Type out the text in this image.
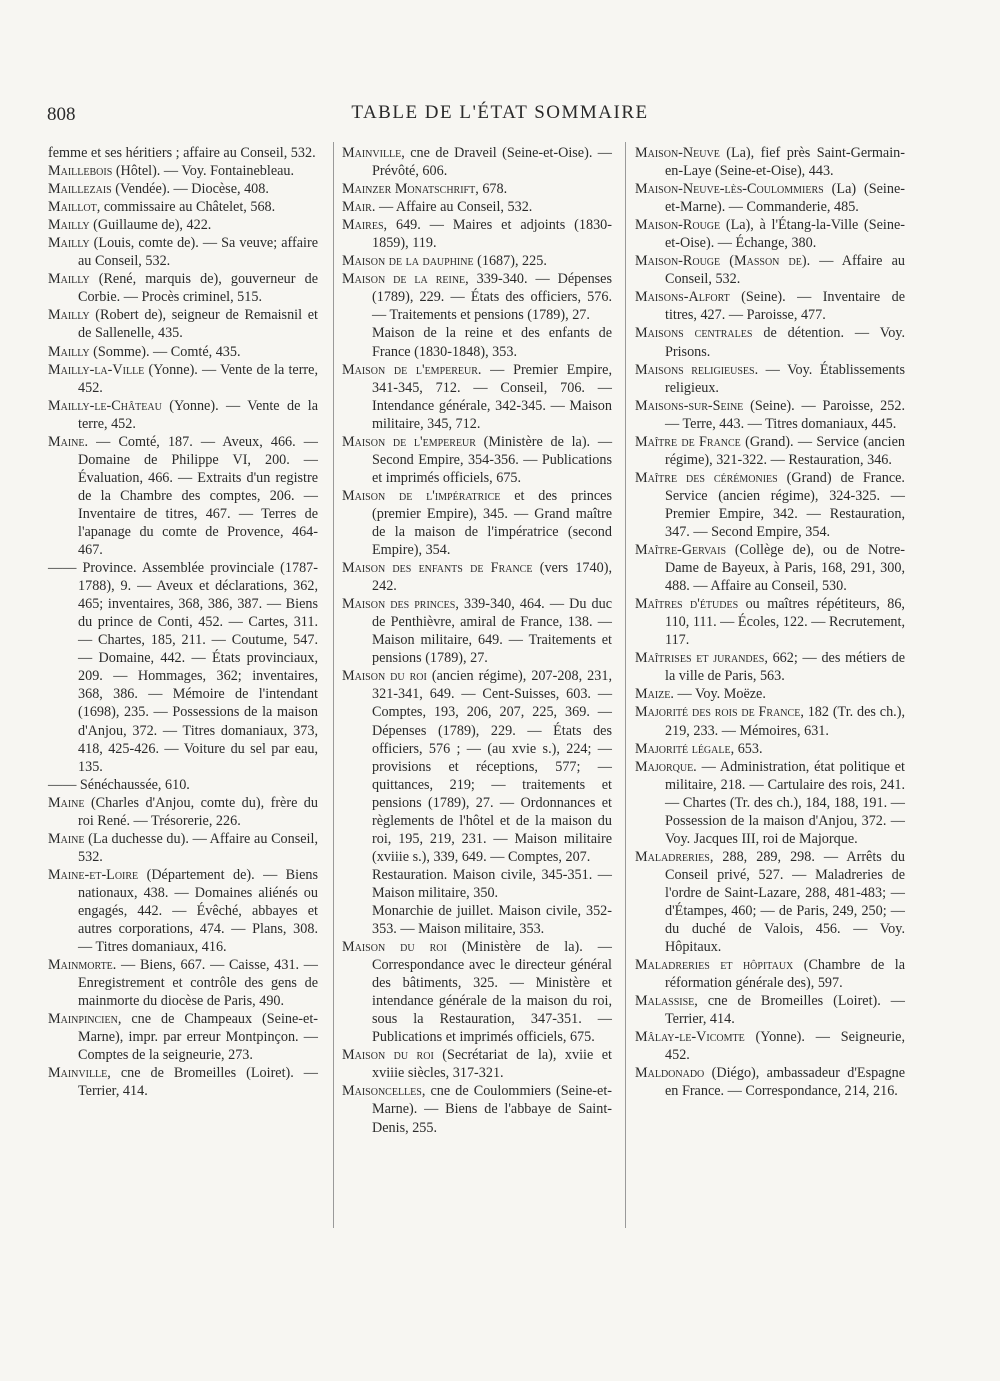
808	TABLE DE L'ÉTAT SOMMAIRE

femme et ses héritiers ; affaire au Conseil, 532.

Maillebois (Hôtel). — Voy. Fontainebleau.

Maillezais (Vendée). — Diocèse, 408.

Maillot, commissaire au Châtelet, 568.

Mailly (Guillaume de), 422.

Mailly (Louis, comte de). — Sa veuve; affaire au Conseil, 532.

Mailly (René, marquis de), gouverneur de Corbie. — Procès criminel, 515.

Mailly (Robert de), seigneur de Remaisnil et de Sallenelle, 435.

Mailly (Somme). — Comté, 435.

Mailly-la-Ville (Yonne). — Vente de la terre, 452.

Mailly-le-Château (Yonne). — Vente de la terre, 452.

Maine. — Comté, 187. — Aveux, 466. — Domaine de Philippe VI, 200. — Évaluation, 466. — Extraits d'un registre de la Chambre des comptes, 206. — Inventaire de titres, 467. — Terres de l'apanage du comte de Provence, 464-467.

—— Province. Assemblée provinciale (1787-1788), 9. — Aveux et déclarations, 362, 465; inventaires, 368, 386, 387. — Biens du prince de Conti, 452. — Cartes, 311. — Chartes, 185, 211. — Coutume, 547. — Domaine, 442. — États provinciaux, 209. — Hommages, 362; inventaires, 368, 386. — Mémoire de l'intendant (1698), 235. — Possessions de la maison d'Anjou, 372. — Titres domaniaux, 373, 418, 425-426. — Voiture du sel par eau, 135.

—— Sénéchaussée, 610.

Maine (Charles d'Anjou, comte du), frère du roi René. — Trésorerie, 226.

Maine (La duchesse du). — Affaire au Conseil, 532.

Maine-et-Loire (Département de). — Biens nationaux, 438. — Domaines aliénés ou engagés, 442. — Évêché, abbayes et autres corporations, 474. — Plans, 308. — Titres domaniaux, 416.

Mainmorte. — Biens, 667. — Caisse, 431. — Enregistrement et contrôle des gens de mainmorte du diocèse de Paris, 490.

Mainpincien, cne de Champeaux (Seine-et-Marne), impr. par erreur Montpinçon. — Comptes de la seigneurie, 273.

Mainville, cne de Bromeilles (Loiret). — Terrier, 414.

Mainville, cne de Draveil (Seine-et-Oise). — Prévôté, 606.

Mainzer Monatschrift, 678.

Mair. — Affaire au Conseil, 532.

Maires, 649. — Maires et adjoints (1830-1859), 119.

Maison de la dauphine (1687), 225.

Maison de la reine, 339-340. — Dépenses (1789), 229. — États des officiers, 576. — Traitements et pensions (1789), 27.

Maison de la reine et des enfants de France (1830-1848), 353.

Maison de l'empereur. — Premier Empire, 341-345, 712. — Conseil, 706. — Intendance générale, 342-345. — Maison militaire, 345, 712.

Maison de l'empereur (Ministère de la). — Second Empire, 354-356. — Publications et imprimés officiels, 675.

Maison de l'impératrice et des princes (premier Empire), 345. — Grand maître de la maison de l'impératrice (second Empire), 354.

Maison des enfants de France (vers 1740), 242.

Maison des princes, 339-340, 464. — Du duc de Penthièvre, amiral de France, 138. — Maison militaire, 649. — Traitements et pensions (1789), 27.

Maison du roi (ancien régime), 207-208, 231, 321-341, 649. — Cent-Suisses, 603. — Comptes, 193, 206, 207, 225, 369. — Dépenses (1789), 229. — États des officiers, 576 ; — (au xvie s.), 224; — provisions et réceptions, 577; — quittances, 219; — traitements et pensions (1789), 27. — Ordonnances et règlements de l'hôtel et de la maison du roi, 195, 219, 231. — Maison militaire (xviiie s.), 339, 649. — Comptes, 207.

Restauration. Maison civile, 345-351. — Maison militaire, 350.

Monarchie de juillet. Maison civile, 352-353. — Maison militaire, 353.

Maison du roi (Ministère de la). — Correspondance avec le directeur général des bâtiments, 325. — Ministère et intendance générale de la maison du roi, sous la Restauration, 347-351. — Publications et imprimés officiels, 675.

Maison du roi (Secrétariat de la), xviie et xviiie siècles, 317-321.

Maisoncelles, cne de Coulommiers (Seine-et-Marne). — Biens de l'abbaye de Saint-Denis, 255.

Maison-Neuve (La), fief près Saint-Germain-en-Laye (Seine-et-Oise), 443.

Maison-Neuve-lès-Coulommiers (La) (Seine-et-Marne). — Commanderie, 485.

Maison-Rouge (La), à l'Étang-la-Ville (Seine-et-Oise). — Échange, 380.

Maison-Rouge (Masson de). — Affaire au Conseil, 532.

Maisons-Alfort (Seine). — Inventaire de titres, 427. — Paroisse, 477.

Maisons centrales de détention. — Voy. Prisons.

Maisons religieuses. — Voy. Établissements religieux.

Maisons-sur-Seine (Seine). — Paroisse, 252. — Terre, 443. — Titres domaniaux, 445.

Maître de France (Grand). — Service (ancien régime), 321-322. — Restauration, 346.

Maître des cérémonies (Grand) de France. Service (ancien régime), 324-325. — Premier Empire, 342. — Restauration, 347. — Second Empire, 354.

Maître-Gervais (Collège de), ou de Notre-Dame de Bayeux, à Paris, 168, 291, 300, 488. — Affaire au Conseil, 530.

Maîtres d'études ou maîtres répétiteurs, 86, 110, 111. — Écoles, 122. — Recrutement, 117.

Maîtrises et jurandes, 662; — des métiers de la ville de Paris, 563.

Maize. — Voy. Moëze.

Majorité des rois de France, 182 (Tr. des ch.), 219, 233. — Mémoires, 631.

Majorité légale, 653.

Majorque. — Administration, état politique et militaire, 218. — Cartulaire des rois, 241. — Chartes (Tr. des ch.), 184, 188, 191. — Possession de la maison d'Anjou, 372. — Voy. Jacques III, roi de Majorque.

Maladreries, 288, 289, 298. — Arrêts du Conseil privé, 527. — Maladreries de l'ordre de Saint-Lazare, 288, 481-483; — d'Étampes, 460; — de Paris, 249, 250; — du duché de Valois, 456. — Voy. Hôpitaux.

Maladreries et hôpitaux (Chambre de la réformation générale des), 597.

Malassise, cne de Bromeilles (Loiret). — Terrier, 414.

Mâlay-le-Vicomte (Yonne). — Seigneurie, 452.

Maldonado (Diégo), ambassadeur d'Espagne en France. — Correspondance, 214, 216.
